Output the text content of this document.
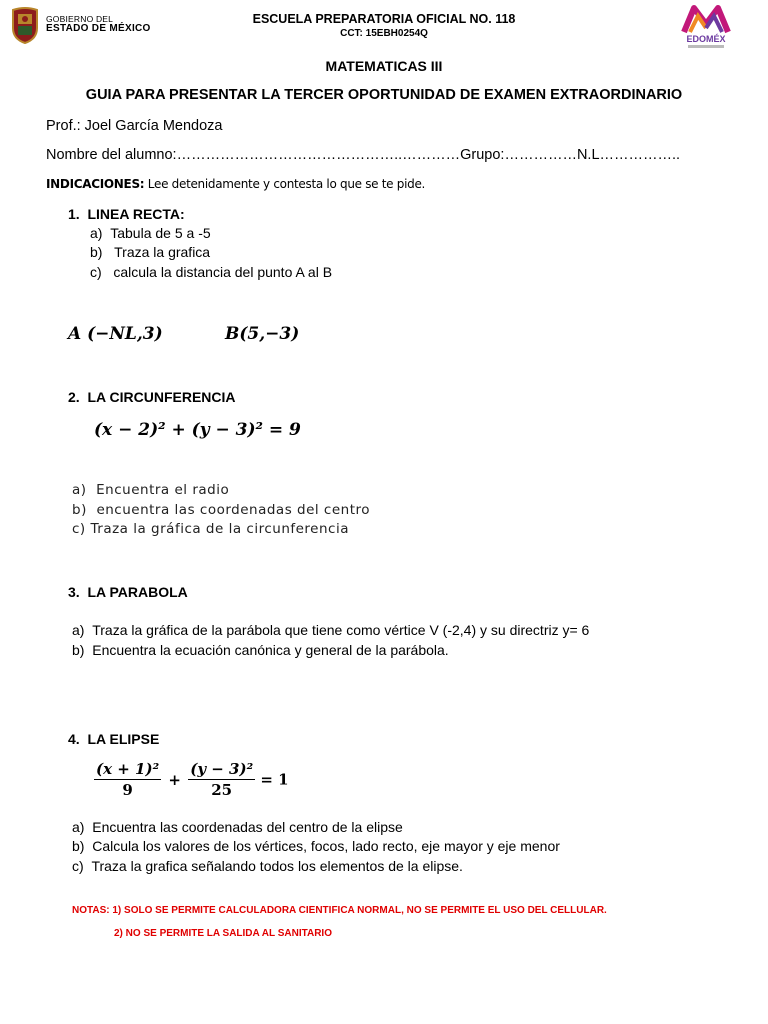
GOBIERNO DEL
ESTADO DE MÉXICO
ESCUELA PREPARATORIA OFICIAL NO. 118
CCT: 15EBH0254Q	EDOMÉX
MATEMATICAS III
GUIA PARA PRESENTAR LA TERCER OPORTUNIDAD DE EXAMEN EXTRAORDINARIO
Prof.: Joel García Mendoza
Nombre del alumno:………………………………………..…………Grupo:……………N.L……………..
INDICACIONES: Lee detenidamente y contesta lo que se te pide.
1. LINEA RECTA:
a) Tabula de 5 a -5
b) Traza la grafica
c) calcula la distancia del punto A al B
A (−NL,3)	B(5,−3)
2. LA CIRCUNFERENCIA
(x − 2)² + (y − 3)² = 9
a) Encuentra el radio
b) encuentra las coordenadas del centro
c) Traza la gráfica de la circunferencia
3. LA PARABOLA
a) Traza la gráfica de la parábola que tiene como vértice V (-2,4) y su directriz y= 6
b) Encuentra la ecuación canónica y general de la parábola.
4. LA ELIPSE
$\frac{\text{(x + 1)²}}{9} + \frac{\text{(y − 3)²}}{25} = 1$
a) Encuentra las coordenadas del centro de la elipse
b) Calcula los valores de los vértices, focos, lado recto, eje mayor y eje menor
c) Traza la grafica señalando todos los elementos de la elipse.
NOTAS: 1) SOLO SE PERMITE CALCULADORA CIENTIFICA NORMAL, NO SE PERMITE EL USO DEL CELLULAR.
2) NO SE PERMITE LA SALIDA AL SANITARIO
